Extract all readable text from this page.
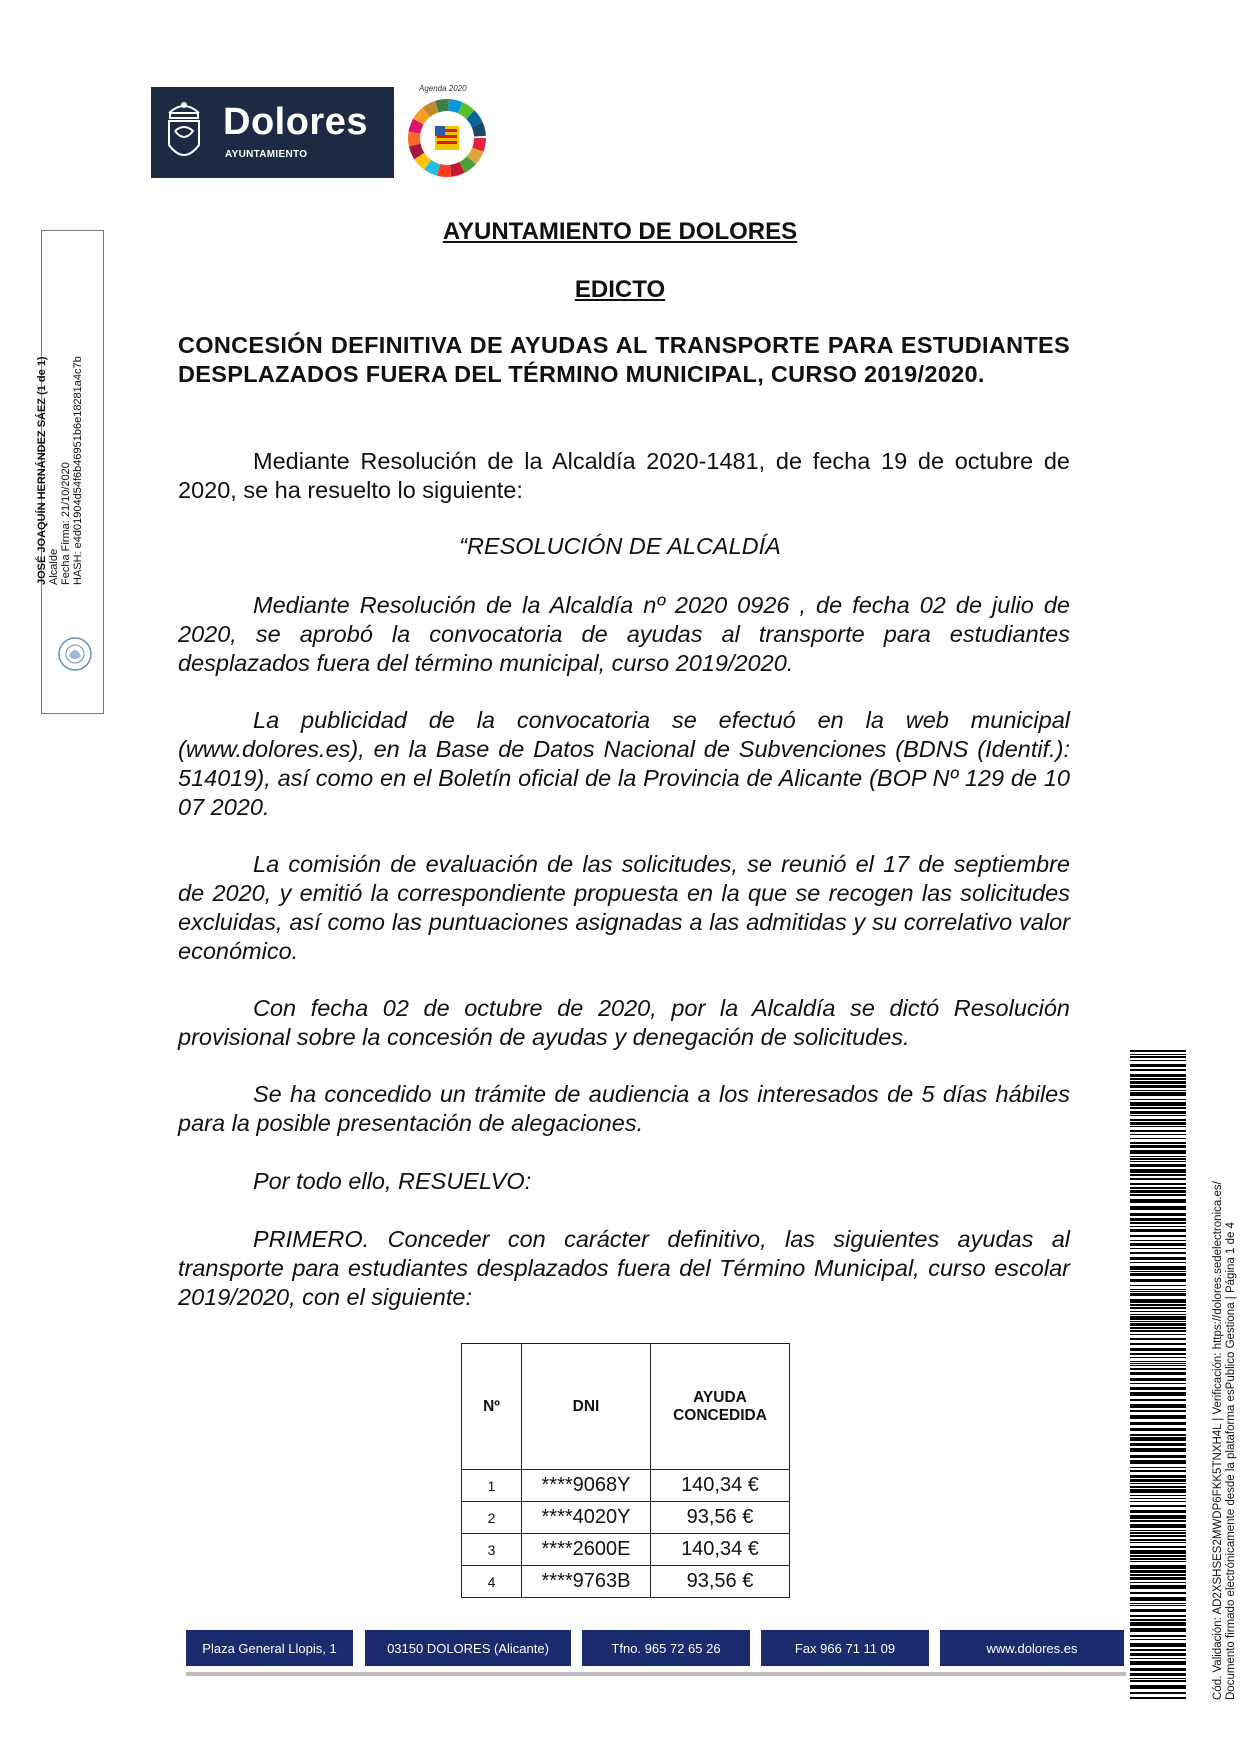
Dolores
AYUNTAMIENTO
Agenda 2020
JOSÉ JOAQUÍN HERNÁNDEZ SÁEZ (1 de 1) Alcalde Fecha Firma: 21/10/2020 HASH: e4d01904d54f6b46951b6e18281a4c7b
AYUNTAMIENTO DE DOLORES
EDICTO
CONCESIÓN DEFINITIVA DE AYUDAS AL TRANSPORTE PARA ESTUDIANTES DESPLAZADOS FUERA DEL TÉRMINO MUNICIPAL, CURSO 2019/2020.
Mediante Resolución de la Alcaldía 2020-1481, de fecha 19 de octubre de 2020, se ha resuelto lo siguiente:
“RESOLUCIÓN DE ALCALDÍA
Mediante Resolución de la Alcaldía nº 2020 0926 , de fecha 02 de julio de 2020, se aprobó la convocatoria de ayudas al transporte para estudiantes desplazados fuera del término municipal, curso 2019/2020.
La publicidad de la convocatoria se efectuó en la web municipal (www.dolores.es), en la Base de Datos Nacional de Subvenciones (BDNS (Identif.): 514019), así como en el Boletín oficial de la Provincia de Alicante (BOP Nº 129 de 10 07 2020.
La comisión de evaluación de las solicitudes, se reunió el 17 de septiembre de 2020, y emitió la correspondiente propuesta en la que se recogen las solicitudes excluidas, así como las puntuaciones asignadas a las admitidas y su correlativo valor económico.
Con fecha 02 de octubre de 2020, por la Alcaldía se dictó Resolución provisional sobre la concesión de ayudas y denegación de solicitudes.
Se ha concedido un trámite de audiencia a los interesados de 5 días hábiles para la posible presentación de alegaciones.
Por todo ello, RESUELVO:
PRIMERO. Conceder con carácter definitivo, las siguientes ayudas al transporte para estudiantes desplazados fuera del Término Municipal, curso escolar 2019/2020, con el siguiente:
Nº	DNI	AYUDA CONCEDIDA
1	****9068Y	140,34 €
2	****4020Y	93,56 €
3	****2600E	140,34 €
4	****9763B	93,56 €
Plaza General Llopis, 1	03150 DOLORES (Alicante)	Tfno. 965 72 65 26	Fax 966 71 11 09	www.dolores.es	Cód. Validación: AD2XSHSES2MWDP6FKK5TNXH4L | Verificación: https://dolores.sedelectronica.es/ Documento firmado electrónicamente desde la plataforma esPublico Gestiona | Página 1 de 4
